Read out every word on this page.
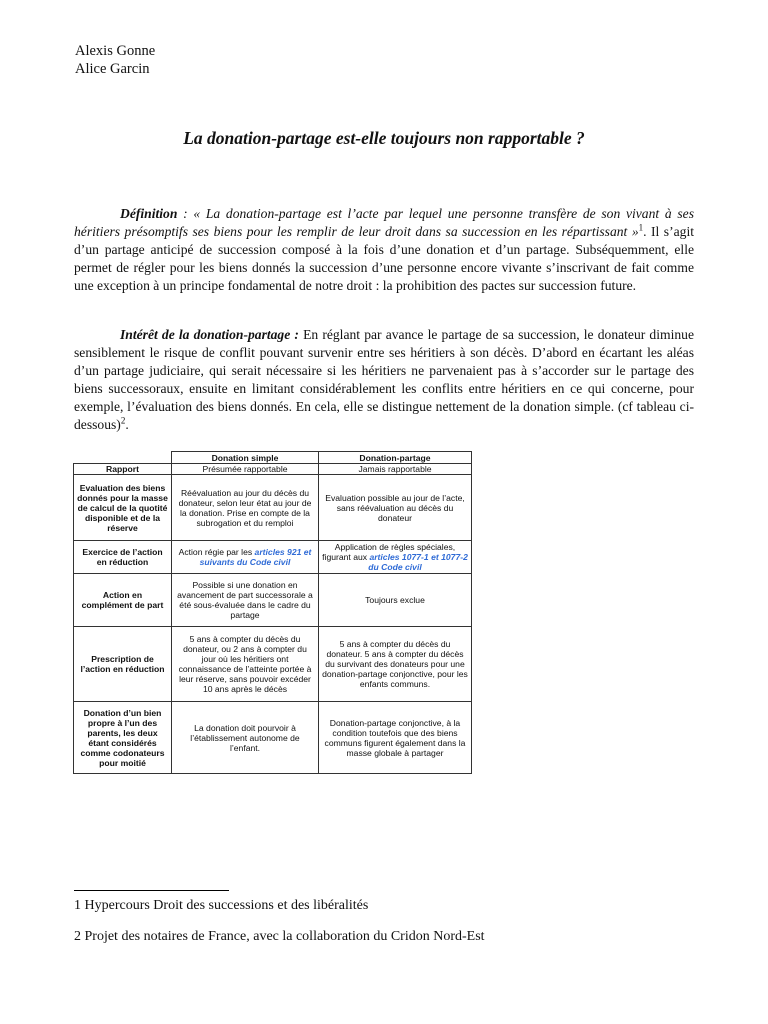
Alexis Gonne
Alice Garcin
La donation-partage est-elle toujours non rapportable ?
Définition : « La donation-partage est l’acte par lequel une personne transfère de son vivant à ses héritiers présomptifs ses biens pour les remplir de leur droit dans sa succession en les répartissant »$^1$. Il s’agit d’un partage anticipé de succession composé à la fois d’une donation et d’un partage. Subséquemment, elle permet de régler pour les biens donnés la succession d’une personne encore vivante s’inscrivant de fait comme une exception à un principe fondamental de notre droit : la prohibition des pactes sur succession future.
Intérêt de la donation-partage : En réglant par avance le partage de sa succession, le donateur diminue sensiblement le risque de conflit pouvant survenir entre ses héritiers à son décès. D’abord en écartant les aléas d’un partage judiciaire, qui serait nécessaire si les héritiers ne parvenaient pas à s’accorder sur le partage des biens successoraux, ensuite en limitant considérablement les conflits entre héritiers en ce qui concerne, pour exemple, l’évaluation des biens donnés. En cela, elle se distingue nettement de la donation simple. (cf tableau ci-dessous)$^2$.
	Donation simple	Donation-partage
Rapport	Présumée rapportable	Jamais rapportable
Evaluation des biens donnés pour la masse de calcul de la quotité disponible et de la réserve	Réévaluation au jour du décès du donateur, selon leur état au jour de la donation. Prise en compte de la subrogation et du remploi	Evaluation possible au jour de l’acte, sans réévaluation au décès du donateur
Exercice de l’action en réduction	Action régie par les articles 921 et suivants du Code civil	Application de règles spéciales, figurant aux articles 1077-1 et 1077-2 du Code civil
Action en complément de part	Possible si une donation en avancement de part successorale a été sous-évaluée dans le cadre du partage	Toujours exclue
Prescription de l’action en réduction	5 ans à compter du décès du donateur, ou 2 ans à compter du jour où les héritiers ont connaissance de l’atteinte portée à leur réserve, sans pouvoir excéder 10 ans après le décès	5 ans à compter du décès du donateur. 5 ans à compter du décès du survivant des donateurs pour une donation-partage conjonctive, pour les enfants communs.
Donation d’un bien propre à l’un des parents, les deux étant considérés comme codonateurs pour moitié	La donation doit pourvoir à l’établissement autonome de l’enfant.	Donation-partage conjonctive, à la condition toutefois que des biens communs figurent également dans la masse globale à partager
1 Hypercours Droit des successions et des libéralités
2 Projet des notaires de France, avec la collaboration du Cridon Nord-Est
